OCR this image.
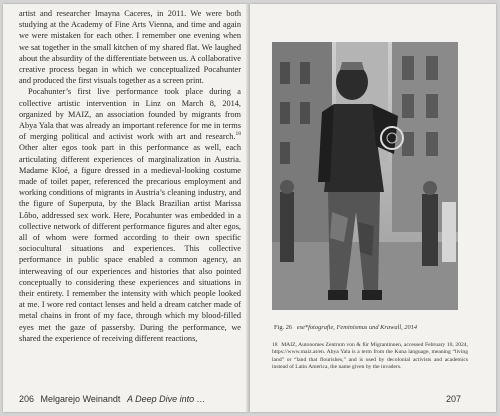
artist and researcher Imayna Caceres, in 2011. We were both studying at the Academy of Fine Arts Vienna, and time and again we were mistaken for each other. I remember one evening when we sat together in the small kitchen of my shared flat. We laughed about the absurdity of the differentiate between us. A collaborative creative process began in which we conceptualized Pocahunter and produced the first visuals together as a screen print.

Pocahunter’s first live performance took place during a collective artistic intervention in Linz on March 8, 2014, organized by MAIZ, an association founded by migrants from Abya Yala that was already an important reference for me in terms of merging political and activist work with art and research.$^{18}$ Other alter egos took part in this performance as well, each articulating different experiences of marginalization in Austria. Madame Kloé, a figure dressed in a medieval-looking costume made of toilet paper, referenced the precarious employment and working conditions of migrants in Austria’s cleaning industry, and the figure of Superputa, by the Black Brazilian artist Marissa Lôbo, addressed sex work. Here, Pocahunter was embedded in a collective network of different performance figures and alter egos, all of whom were formed according to their own specific sociocultural situations and experiences. This collective performance in public space enabled a common agency, an interweaving of our experiences and histories that also pointed conceptually to considering these experiences and situations in their entirety. I remember the intensity with which people looked at me. I wore red contact lenses and held a dream catcher made of metal chains in front of my face, through which my blood-filled eyes met the gaze of passersby. During the performance, we shared the experience of receiving different reactions,

206 Melgarejo Weinandt A Deep Dive into …
Fig. 26 ese*fotografie, Feminismus und Krawall, 2014
18 MAIZ, Autonomes Zentrum von & für Migrantinnen, accessed February 10, 2024, https://www.maiz.at/en. Abya Yala is a term from the Kuna language, meaning “living land” or “land that flourishes,” and is used by decolonial activists and academics instead of Latin America, the name given by the invaders.
207
